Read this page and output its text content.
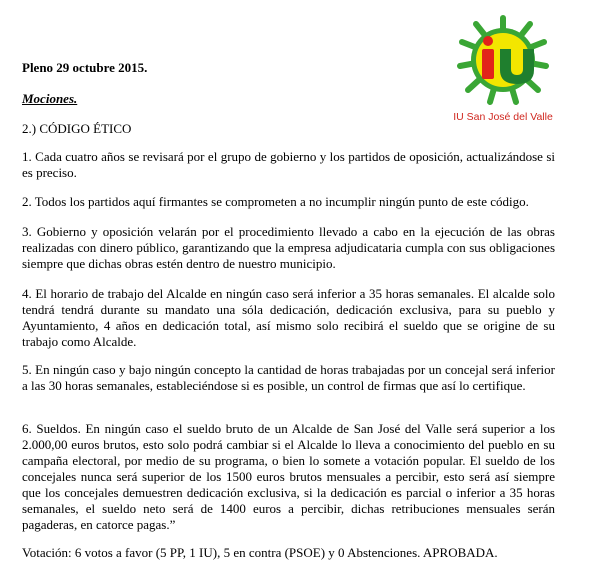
Pleno 29 octubre 2015.
Mociones.
2.) CÓDIGO ÉTICO
IU San José del Valle

1. Cada cuatro años se revisará por el grupo de gobierno y los partidos de oposición, actualizándose si es preciso.

2. Todos los partidos aquí firmantes se comprometen a no incumplir ningún punto de este código.

3. Gobierno y oposición velarán por el procedimiento llevado a cabo en la ejecución de las obras realizadas con dinero público, garantizando que la empresa adjudicataria cumpla con sus obligaciones siempre que dichas obras estén dentro de nuestro municipio.

4. El horario de trabajo del Alcalde en ningún caso será inferior a 35 horas semanales. El alcalde solo tendrá tendrá durante su mandato una sóla dedicación, dedicación exclusiva, para su pueblo y Ayuntamiento, 4 años en dedicación total, así mismo solo recibirá el sueldo que se origine de su trabajo como Alcalde.

5. En ningún caso y bajo ningún concepto la cantidad de horas trabajadas por un concejal será inferior a las 30 horas semanales, estableciéndose si es posible, un control de firmas que así lo certifique.

6. Sueldos. En ningún caso el sueldo bruto de un Alcalde de San José del Valle será superior a los 2.000,00 euros brutos, esto solo podrá cambiar si el Alcalde lo lleva a conocimiento del pueblo en su campaña electoral, por medio de su programa, o bien lo somete a votación popular. El sueldo de los concejales nunca será superior de los 1500 euros brutos mensuales a percibir, esto será así siempre que los concejales demuestren dedicación exclusiva, si la dedicación es parcial o inferior a 35 horas semanales, el sueldo neto será de 1400 euros a percibir, dichas retribuciones mensuales serán pagaderas, en catorce pagas.”

Votación: 6 votos a favor (5 PP, 1 IU), 5 en contra (PSOE) y 0 Abstenciones. APROBADA.
